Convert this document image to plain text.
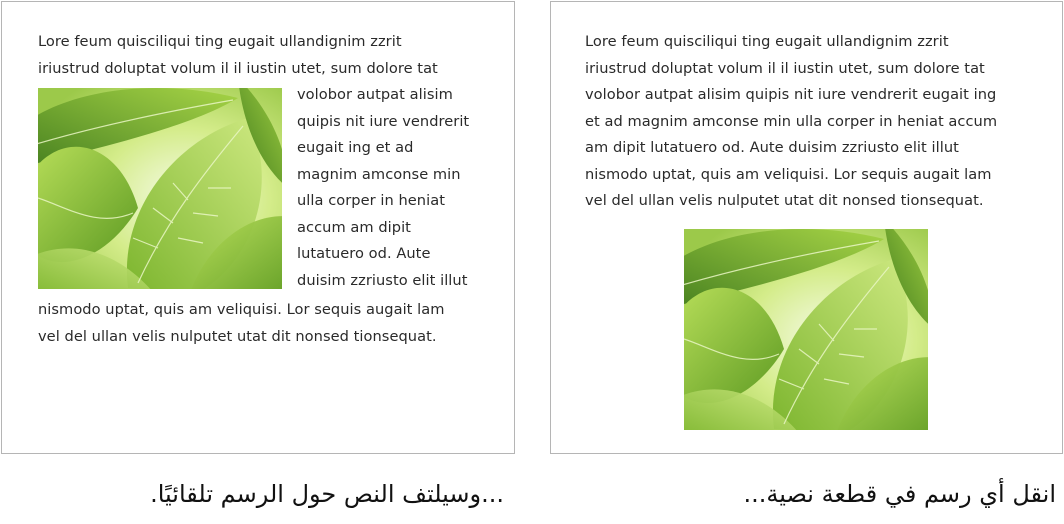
Lore feum quisciliqui ting eugait ullandignim zzrit
iriustrud doluptat volum il il iustin utet, sum dolore tat
volobor autpat alisim
quipis nit iure vendrerit
eugait ing et ad
magnim amconse min
ulla corper in heniat
accum am dipit
lutatuero od. Aute
duisim zzriusto elit illut
nismodo uptat, quis am veliquisi. Lor sequis augait lam
vel del ullan velis nulputet utat dit nonsed tionsequat.
Lore feum quisciliqui ting eugait ullandignim zzrit
iriustrud doluptat volum il il iustin utet, sum dolore tat
volobor autpat alisim quipis nit iure vendrerit eugait ing
et ad magnim amconse min ulla corper in heniat accum
am dipit lutatuero od. Aute duisim zzriusto elit illut
nismodo uptat, quis am veliquisi. Lor sequis augait lam
vel del ullan velis nulputet utat dit nonsed tionsequat.
...وسيلتف النص حول الرسم تلقائيًا.	انقل أي رسم في قطعة نصية...
